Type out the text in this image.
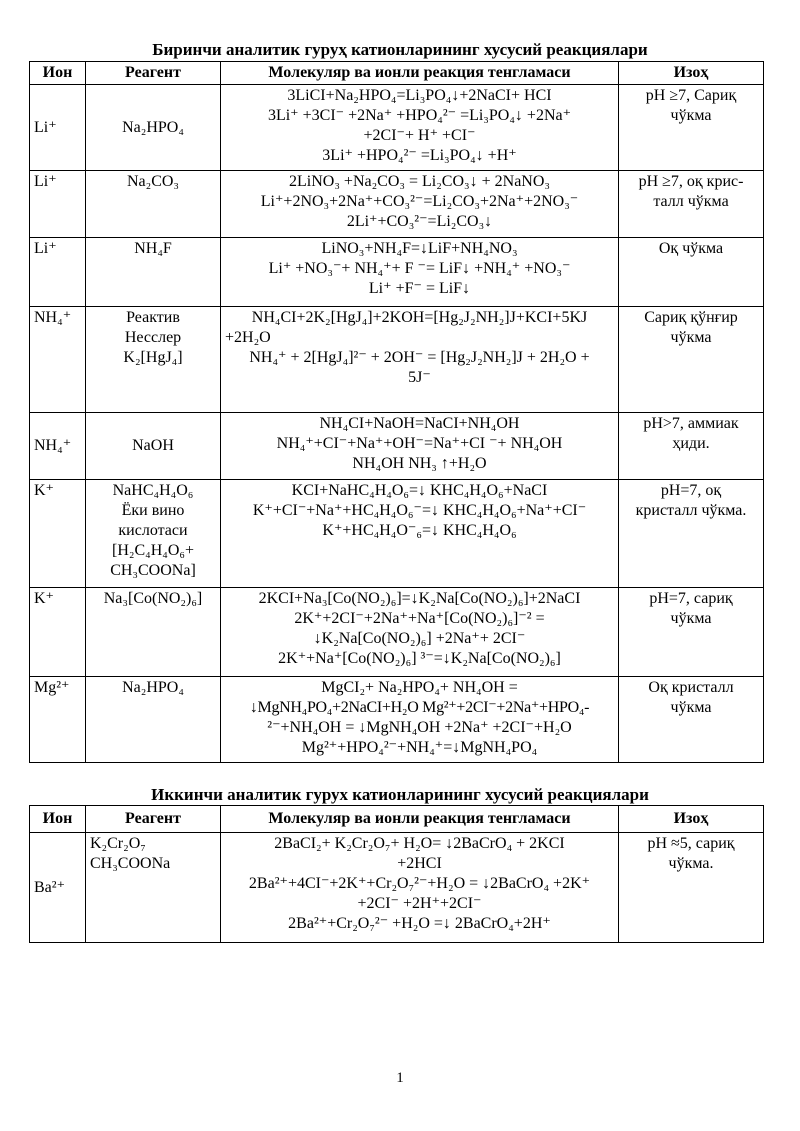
Биринчи аналитик гуруҳ катионларининг хусусий реакциялари
Ион	Реагент	Молекуляр ва ионли реакция тенгламаси	Изоҳ
Li⁺	Na₂HPO₄	3LiCI+Na₂HPO₄=Li₃PO₄↓+2NaCI+ HCI
3Li⁺ +3CI⁻ +2Na⁺ +HPO₄²⁻ =Li₃PO₄↓ +2Na⁺
+2CI⁻+ H⁺ +CI⁻
3Li⁺ +HPO₄²⁻ =Li₃PO₄↓ +H⁺	pH ≥7, Сариқ
чўкма

Li⁺	Na₂CO₃	2LiNO₃ +Na₂CO₃ = Li₂CO₃↓ + 2NaNO₃
Li⁺+2NO₃+2Na⁺+CO₃²⁻=Li₂CO₃+2Na⁺+2NO₃⁻
2Li⁺+CO₃²⁻=Li₂CO₃↓	pH ≥7, оқ крис-
талл чўкма

Li⁺	NH₄F	LiNO₃+NH₄F=↓LiF+NH₄NO₃
Li⁺ +NO₃⁻+ NH₄⁺+ F ⁻= LiF↓ +NH₄⁺ +NO₃⁻
Li⁺ +F⁻ = LiF↓	Оқ чўкма

NH₄⁺	Реактив
Несслер
K₂[HgJ₄]	NH₄CI+2K₂[HgJ₄]+2KOH=[Hg₂J₂NH₂]J+KCI+5KJ
+2H₂O
NH₄⁺ + 2[HgJ₄]²⁻ + 2OH⁻ = [Hg₂J₂NH₂]J + 2H₂O +
5J⁻	Сариқ қўнғир
чўкма

NH₄⁺	NaOH	NH₄CI+NaOH=NaCI+NH₄OH
NH₄⁺+CI⁻+Na⁺+OH⁻=Na⁺+CI ⁻+ NH₄OH
NH₄OH NH₃ ↑+H₂O	pH>7, аммиак
ҳиди.

K⁺	NaHC₄H₄O₆
Ёки вино
кислотаси
[H₂C₄H₄O₆+
CH₃COONa]	KCI+NaHC₄H₄O₆=↓ KHC₄H₄O₆+NaCI
K⁺+CI⁻+Na⁺+HC₄H₄O₆⁻=↓ KHC₄H₄O₆+Na⁺+CI⁻
K⁺+HC₄H₄O⁻₆=↓ KHC₄H₄O₆	pH=7, оқ
кристалл чўкма.

K⁺	Na₃[Co(NO₂)₆]	2KCI+Na₃[Co(NO₂)₆]=↓K₂Na[Co(NO₂)₆]+2NaCI
2K⁺+2CI⁻+2Na⁺+Na⁺[Co(NO₂)₆]⁻² =
↓K₂Na[Co(NO₂)₆] +2Na⁺+ 2CI⁻
2K⁺+Na⁺[Co(NO₂)₆] ³⁻=↓K₂Na[Co(NO₂)₆]	pH=7, сариқ
чўкма

Mg²⁺	Na₂HPO₄	MgCI₂+ Na₂HPO₄+ NH₄OH =
↓MgNH₄PO₄+2NaCI+H₂O Mg²⁺+2CI⁻+2Na⁺+HPO₄-
²⁻+NH₄OH = ↓MgNH₄OH +2Na⁺ +2CI⁻+H₂O
Mg²⁺+HPO₄²⁻+NH₄⁺=↓MgNH₄PO₄	Оқ кристалл
чўкма
Иккинчи аналитик гурух катионларининг хусусий реакциялари
Ион	Реагент	Молекуляр ва ионли реакция тенгламаси	Изоҳ
Ba²⁺	K₂Cr₂O₇
CH₃COONa	2BaCI₂+ K₂Cr₂O₇+ H₂O= ↓2BaCrO₄ + 2KCI
+2HCI
2Ba²⁺+4CI⁻+2K⁺+Cr₂O₇²⁻+H₂O = ↓2BaCrO₄ +2K⁺
+2CI⁻ +2H⁺+2CI⁻
2Ba²⁺+Cr₂O₇²⁻ +H₂O =↓ 2BaCrO₄+2H⁺	pH ≈5, сариқ
чўкма.
1
